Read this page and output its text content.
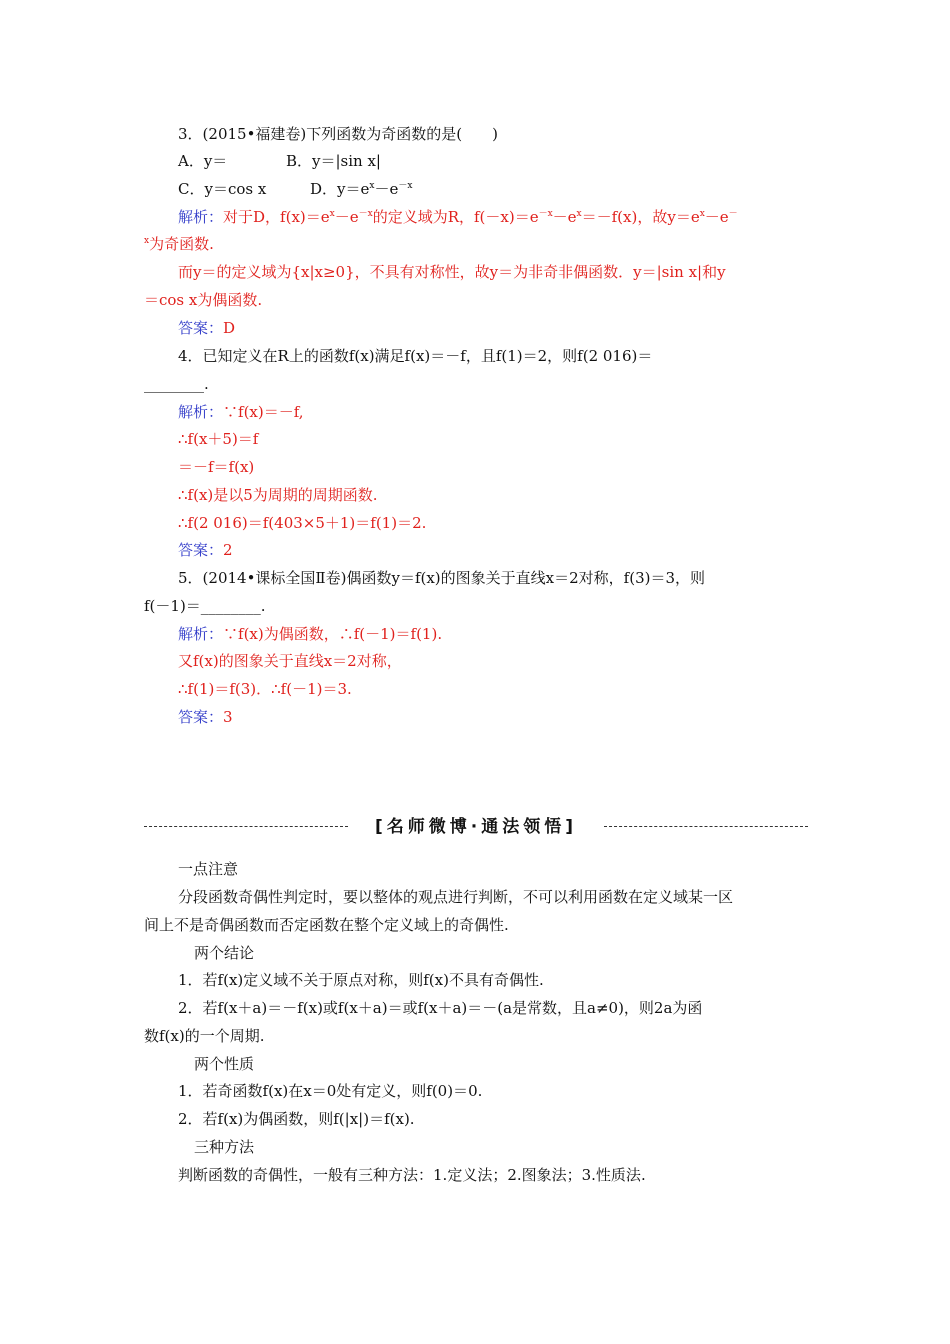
3．(2015•福建卷)下列函数为奇函数的是(　　)
A．y＝	B．y＝|sin x|
C．y＝cos x	D．$y=e^x-e^{-x}$
解析：对于D，$f(x)=e^x-e^{-x}$的定义域为R，$f(-x)=e^{-x}-e^x=-f(x)$，故$y=e^x-e^-$
$^x$为奇函数.
而y＝的定义域为{x|x≥0}，不具有对称性，故y＝为非奇非偶函数．y＝|sin x|和y
＝cos x为偶函数.
答案：D
4．已知定义在R上的函数f(x)满足f(x)＝－f，且f(1)＝2，则f(2 016)＝
________.
解析：∵f(x)＝－f,
∴f(x＋5)＝f
＝－f＝f(x)
∴f(x)是以5为周期的周期函数.
∴f(2 016)＝f(403×5＋1)＝f(1)＝2.
答案：2
5．(2014•课标全国Ⅱ卷)偶函数y＝f(x)的图象关于直线x＝2对称，f(3)＝3，则
f(－1)＝________.
解析：∵f(x)为偶函数，∴f(－1)＝f(1).
又f(x)的图象关于直线x＝2对称，
∴f(1)＝f(3)．∴f(－1)＝3.
答案：3
[名师微博·通法领悟]
一点注意
分段函数奇偶性判定时，要以整体的观点进行判断，不可以利用函数在定义域某一区
间上不是奇偶函数而否定函数在整个定义域上的奇偶性.
两个结论
1．若f(x)定义域不关于原点对称，则f(x)不具有奇偶性.
2．若f(x＋a)＝－f(x)或f(x＋a)＝或f(x＋a)＝－(a是常数，且a≠0)，则2a为函
数f(x)的一个周期.
两个性质
1．若奇函数f(x)在x＝0处有定义，则f(0)＝0.
2．若f(x)为偶函数，则f(|x|)＝f(x).
三种方法
判断函数的奇偶性，一般有三种方法：1.定义法；2.图象法；3.性质法.
